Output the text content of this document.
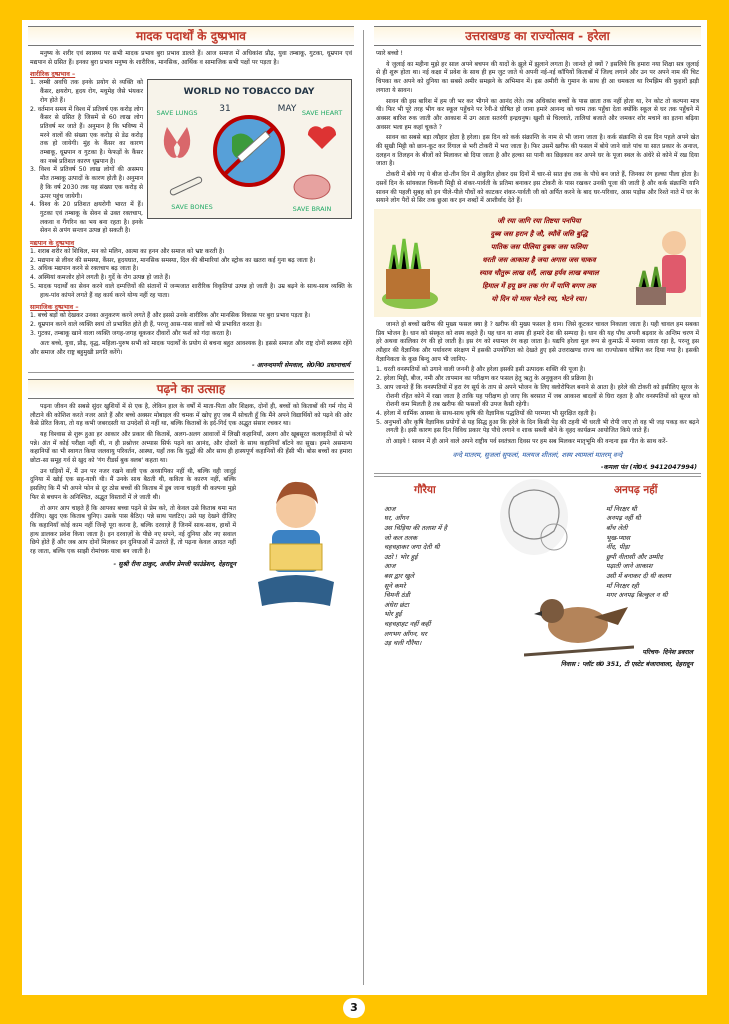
मादक पदार्थों के दुष्प्रभाव

मनुष्य के शरीर एवं स्वास्थ्य पर सभी मादक प्रभाव बुरा प्रभाव डालते हैं। आज समाज में अधिकांश प्रौढ़, युवा तम्बाकू, गुटका, धूम्रपान एवं मद्यपान से ग्रसित हैं। इनका बुरा प्रभाव मनुष्य के शारीरिक, मानसिक, आर्थिक व सामाजिक सभी पक्षों पर पड़ता है।

शारीरिक दुष्प्रभाव –
WORLD NO TOBACCO DAY
31	MAY
SAVE LUNGS	SAVE HEART
SAVE BONES	SAVE BRAIN
1. लम्बी अवधि तक इनके प्रयोग से व्यक्ति को कैंसर, क्षयरोग, हृदय रोग, मधुमेह जैसे भंयकर रोग होते हैं।
2. वर्तमान समय में विश्व में प्रतिवर्ष एक करोड़ लोग कैंसर से ग्रसित है जिसमें से 60 लाख लोग प्रतिवर्ष मर जाते हैं। अनुमान है कि भविष्य में मरने वालों की संख्या एक करोड़ से डेढ करोड़ तक हो जायेगी। मुंह के कैंसर का कारण तम्बाकू, धूम्रपान व गुटका है। फेफड़ों के कैंसर का नब्बे प्रतिशत कारण धूम्रपान है।
3. विश्व में प्रतिवर्ष 50 लाख लोगों की असमय मौत तम्बाकू उत्पादों के कारण होती है। अनुमान है कि वर्ष 2030 तक यह संख्या एक करोड़ से ऊपर पहुंच जायेगी।
4. विश्व के 20 प्रतिशत क्षयरोगी भारत में हैं। गुटका एवं तम्बाकू के सेवन से उक्त रक्तचाप, लकवा व गैंगरिन का भय बना रहता है। इनके सेवन से अपंग सन्तान उत्पन्न हो सकती है।
मद्यपान के दुष्प्रभाव
1. शराब शरीर को शिथिल, मन को मलिन, आत्मा का हनन और समाज को भ्रष्ट करती है।
2. मद्यपान से लीवर की समस्या, कैंसर, हृदयघात, मानसिक समस्या, दिल की बीमारियां और स्ट्रोक का खतरा कई गुना बढ़ जाता है।
3. अधिक मद्यपान करने से रक्तचाप बढ़ जाता है।
4. अस्थियां कमजोर होने लगती है। गुर्दे के रोग उत्पन्न हो जाते हैं।
5. मादक पदार्थों का सेवन करने वाले दम्पत्तियों की संतानों में जन्मजात शारीरिक विकृतियां उत्पन्न हो जाती है। उम्र बढ़ने के साथ-साथ व्यक्ति के हाथ-पांव कांपने लगते हैं वह कार्य करने योग्य नहीं रह पाता।
सामाजिक दुष्प्रभाव –
1. बच्चे बड़ों को देखकर उनका अनुकरण करने लगते हैं और इससे उनके शारीरिक और मानसिक विकास पर बुरा प्रभाव पड़ता है।
2. धूम्रपान करने वाले व्यक्ति स्वयं तो प्रभावित होते ही हैं, परन्तु आस-पास वालों को भी प्रभावित करता है।
3. गुटका, तम्बाकू खाने वाला व्यक्ति जगह-जगह थूककर दीवारों और फर्श को गंदा करता है।

अतः बच्चे, युवा, प्रौढ़, वृद्ध, महिला-पुरुष सभी को मादक पदार्थों के प्रयोग से बचना बहुत आवश्यक है। इससे समाज और राष्ट्र दोनों स्वस्थ्य रहेंगे और समाज और राष्ट्र बहुमुखी प्रगति करेंगे।

- आनन्दमणी सेमवाल, से0नि0 प्रधानाचार्य
पढ़ने का उत्साह

पढ़ना जीवन की सबसे सुंदर खुशियों में से एक है, लेकिन हाल के वर्षों में माता-पिता और शिक्षक, दोनों ही, बच्चों को किताबों की गर्म गोद में लौटाने की कोशिश करते नजर आते हैं और बच्चे अक्सर मोबाइल की चमक में खोए हुए जब मैं सोचती हूँ कि मैंने अपने विद्यार्थियों को पढ़ने की ओर कैसे प्रेरित किया, तो यह कभी जबरदस्ती या उपदेशों से नहीं था, बल्कि किताबों के इर्द-गिर्द एक अद्भुत संसार रचकर था।

यह विश्वास से शुरू हुआ हर आकार और प्रकार की किताबें, अलग-अलग आवाजों में लिखी कहानियाँ, अलग और खूबसूरत कलाकृतियों से भरे पन्ने। अंत में कोई परीक्षा नहीं थी, न ही प्रश्नोत्तर अभ्यास सिर्फ पढ़ने का आनंद, और दोस्तों के साथ कहानियाँ बाँटने का सुख। हमने असमान्य कहानियों का भी स्वागत किया जलवायु परिवर्तन, आस्था, यहाँ तक कि युद्धों की और साथ ही हास्यपूर्ण कहानियों की हँसी भी। बोस बच्चों का हमारा छोटा-सा समूह गर्व से खुद को 'गंग रीडर्स बुक क्लब' कहता था।

उन घड़ियों में, मैं उन पर नजर रखने वाली एक अध्यापिका नहीं थी, बल्कि वही जादुई दुनिया में खोई एक सह-यात्री थी। मैं उनके साथ बैठती थी, कविता के कारण नहीं, बल्कि इसलिए कि मैं भी अपने फोन से दूर ठोस बच्चों की किताब में डूब जाना चाहती थी कल्पना मुझे फिर से बचपन के अनिश्चित, अद्भुत विस्तारों में ले जाती थी।

तो अगर आप चाहते हैं कि आपका बच्चा पढ़ने से प्रेम करे, तो केवल उसे किताब थमा मत दीजिए। खुद एक किताब चुनिए। उसके पास बैठिए। पन्ने साथ पलटिए। उसे यह देखने दीजिए कि कहानियाँ कोई काम नहीं जिन्हें पूरा करना है, बल्कि दरवाज़े हैं जिनमें साथ-साथ, हाथों में हाथ डालकर प्रवेश किया जाता है। इन दरवाज़ों के पीछे नए सपने, नई दुनिया और नए सवाल छिपे होते हैं और जब आप दोनों मिलकर इन दुनियाओं में उतरते हैं, तो पढ़ना केवल आदत नहीं रह जाता, बल्कि एक साझी रोमांचक यात्रा बन जाती है।

- सुश्री रीना ठाकुर, अजीम प्रेमजी फाउंडेशन, देहरादून
उत्तराखण्ड का राज्योत्सव - हरेला

प्यारे बच्चो !

ये जुलाई का महीना मुझे हर साल अपने बचपन की यादों के झूले में झुलाने लगता है। जानते हो क्यों ? इसलिये कि हमारा नया शिक्षा सत्र जुलाई से ही शुरू होता था। नई कक्षा में प्रवेश के साथ ही हम जुट जाते थे अपनी नई-नई कॉपियों किताबों में जिल्द लगाने और उन पर अपने नाम की चिट चिपका कर अपने को दुनिया का सबसे अमीर समझने के अभिमान में। इस अमीरी के गुमान के साथ ही आ धमकता था रिमझिम की फुहारों झड़ी लगाता ये सावन।

सावन की इस बारिश में हम जी भर कर भीगने का आनंद लेते। तब अधिकांश बच्चों के पास छाता तक नहीं होता था, रेन कोट तो कल्पना मात्र थी। फिर भी पूरे तरह भीग कर स्कूल पहुँचने पर रेनी-डे घोषित हो जाना हमारे आनन्द को चरम तक पहुँचा देता क्योंकि स्कूल से घर तक पहुँचने में अक्सर बारिश रुक जाती और आकाश में उग आता सतरंगी इन्द्रधनुष। खुशी से चिल्लाते, तालियां बजाते और जमकर शोर मचाने का इतना बढ़िया अवसर भला हम कहां चूकते ?

सावन का सबसे बड़ा त्यौहार होता है हरेला। इस दिन को कर्क संक्रान्ति के नाम से भी जाना जाता है। कर्क संक्रान्ति से दस दिन पहले अपने खेत की सूखी मिट्टी को छान-कूट कर रिंगाल से भरी टोकरी में भरा जाता है। फिर उसमें खरीफ की फसल में बोये जाने वाले पांच या सात प्रकार के अनाज, दलहन व तिलहन के बीजों को मिलाकर बो दिया जाता है और हल्का सा पानी का छिड़काव कर अपने घर के पूजा स्थल के अंधेरे से कोने में रख दिया जाता है।

टोकरी में बोये गए ये बीज दो-तीन दिन में अंकुरित होकर दस दिनों में चार-से सात इंच तक के पौधे बन जाते हैं, जिनका रंग हल्का पीला होता है। दसवें दिन के सांयकाल चिकनी मिट्टी से शंकर-पार्वती के प्रतिमा बनाकर इस टोकरी के पास रखकर उनकी पूजा की जाती है और कर्क संक्रान्ति यानि सावन की पहली सुबह को इन पीले-पीले पौधों को काटकर शंकर-पार्वती जी को अर्पित करने के बाद घर-परिवार, आस पड़ोस और रिश्ते नाते में घर के सयाने लोग पैरों से सिर तक छुआ कर इन शब्दों में आशीर्वाद देते हैं।

जी रया जागि रया तिष्टया पनपिया
दुब्ब जस हरान है जौ, स्यौवें जसि बुद्धि
पातिक जस पीलिया दुबक जस फलिया
धरती जस आकाश है जया अगास जस चाकव
स्याव चौतुरू लाख दसैं, लाख हर्यव लाख बग्वाल
हिमाल में हयू छन तक गंग में पाणि बगण तक
यो दिन यो मास भेटने रया, भेटने रया।

जानते हो बच्चों खरीफ की मुख्य फसल क्या है ? खरीफ की मुख्य फसल है धान। जिसे कूटकर चावल निकाला जाता है। यही चावल हम सबका प्रिय भोजन है। धान को संस्कृत को शस्य कहते हैं। यह धान या शस्य ही हमारे देश की सम्पदा है। धान की यह पौध अपनी बढ़वार के अन्तिम चरण में हरे अथवा कालिका रंग की हो जाती है। इस रंग को श्यामल रंग कहा जाता है। यद्यपि हरेला मूल रूप से कुमाऊँ में मनाया जाता रहा है, परन्तु इस त्यौहार की वैज्ञानिक और पर्यावरण संरक्षण में इसकी उपयोगिता को देखते हुए इसे उत्तराखण्ड राज्य का राज्योत्सव घोषित कर दिया गया है। इसकी वैज्ञानिकता के कुछ बिन्दु आप भी जानिए-

1. धरती वनस्पतियों को उगाने वाली जननी है और हरेला इसकी इसी उत्पादक शक्ति की पूजा है।
2. हरेला मिट्टी, बीज, नमी और तापमान का परीक्षण कर फसल हेतु ऋतु के अनुकूलन की प्रक्रिया है।
3. आप जानते हैं कि वनस्पतियों में हरा रंग सूर्य के ताप से अपने भोजन के लिए क्लोरोफिल बनाने से आता है। हरेले की टोकरी को इसीलिए सूरज के रोशनी रहित कोने में रखा जाता है ताकि यह परीक्षण हो जाए कि बरसात में जब आकाश बादलों से घिरा रहता है और वनस्पतियों को सूरज को रोशनी कम मिलती है तब खरीफ की फसलों की उपज कैसी रहेगी।
4. हरेला में धार्मिक आस्था के साथ-साथ कृषि की वैज्ञानिक पद्धतियों की परम्परा भी सुरक्षित रहती है।
5. अनुभवों और कृषि वैज्ञानिक प्रयोगों से यह सिद्ध हुआ कि हरेले के दिन किसी पेड़ की टहनी भी धरती भी रोपी जाए तो वह भी जड़ पकड़ कर बढ़ने लगती है। इसी कारण इस दिन विविध प्रकार पेड़ पौधे लगाने व शाक सब्जी बोने के वृहद कार्यक्रम आयोजित किये जाते हैं।

तो आइये ! सावन में ही आने वाले अपने राष्ट्रीय पर्व स्वतंत्रता दिवस पर हम सब मिलकर मातृभूमि की वन्दना इस गीत के साथ करें-

वन्दे मातरम, सुजलां सुफलां, मलयज शीतलां, शस्य श्यामलां मातरम् वन्दे
-कमला पंत (मो0नं. 9412047994)
गौरैया
आज
घर, आँगन
उस चिड़िया की तलाश में है
जो कल तलक
चहचहाकर जगा देती थी
उठो ! भोर हुई
आज
बस द्वार खुले
सूने कमरे
चिमनी ठंडी
अंधेरा छंटा
भोर हुई
चहचहाहट नहीं कहीं
लगभग आँगन, घर
उड़ चली गौरैया।
अनपढ़ नहीं
माँ निरक्षर थी
अनपढ़ नहीं थी
बाँच लेती
भूख-प्यास
नींद, पीड़ा
छुपी नीतासी और उम्मीद
पढ़ाती जाने आकाश
उसी में बनाकर दी थी कलम
माँ निरक्षर रही
मगर अनपढ़ बिल्कुल न थी
परिचय- दिनेश डबराल
निवास : प्लॉट सं0 351, टी एस्टेट बंजारावाला, देहरादून
3
